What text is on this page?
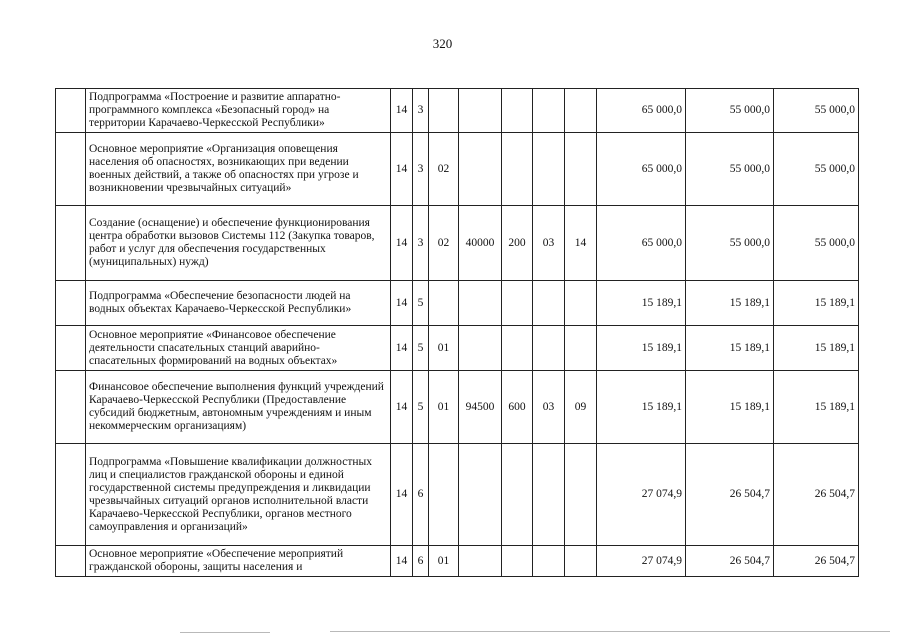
320
	Подпрограмма «Построение и развитие аппаратно-программного комплекса «Безопасный город» на территории Карачаево-Черкесской Республики»	14	3						65 000,0	55 000,0	55 000,0
	Основное мероприятие «Организация оповещения населения об опасностях, возникающих при ведении военных действий, а также об опасностях при угрозе и возникновении чрезвычайных ситуаций»	14	3	02					65 000,0	55 000,0	55 000,0
	Создание (оснащение) и обеспечение функционирования центра обработки вызовов Системы 112 (Закупка товаров, работ и услуг для обеспечения государственных (муниципальных) нужд)	14	3	02	40000	200	03	14	65 000,0	55 000,0	55 000,0
	Подпрограмма «Обеспечение безопасности людей на водных объектах Карачаево-Черкесской Республики»	14	5						15 189,1	15 189,1	15 189,1
	Основное мероприятие «Финансовое обеспечение деятельности спасательных станций аварийно-спасательных формирований на водных объектах»	14	5	01					15 189,1	15 189,1	15 189,1
	Финансовое обеспечение выполнения функций учреждений Карачаево-Черкесской Республики (Предоставление субсидий бюджетным, автономным учреждениям и иным некоммерческим организациям)	14	5	01	94500	600	03	09	15 189,1	15 189,1	15 189,1
	Подпрограмма «Повышение квалификации должностных лиц и специалистов гражданской обороны и единой государственной системы предупреждения и ликвидации чрезвычайных ситуаций органов исполнительной власти Карачаево-Черкесской Республики, органов местного самоуправления и организаций»	14	6						27 074,9	26 504,7	26 504,7
	Основное мероприятие «Обеспечение мероприятий гражданской обороны, защиты населения и	14	6	01					27 074,9	26 504,7	26 504,7
